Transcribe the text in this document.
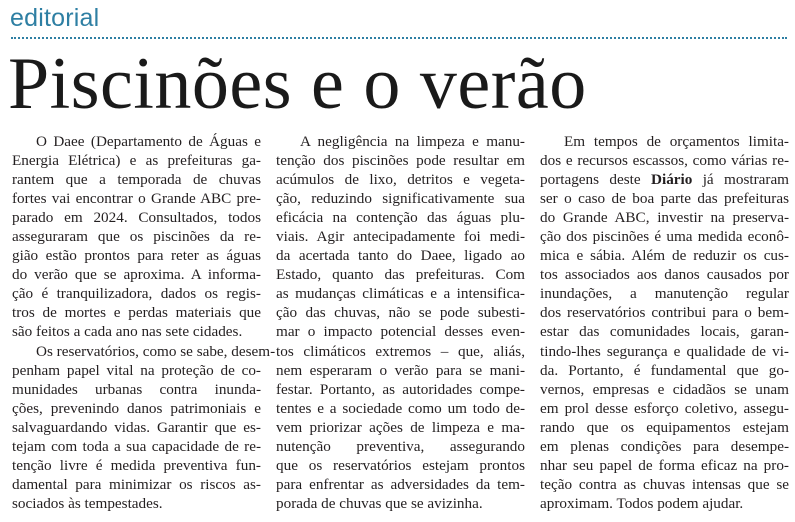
editorial
Piscinões e o verão
O Daee (Departamento de Águas e
Energia Elétrica) e as prefeituras ga-
rantem que a temporada de chuvas
fortes vai encontrar o Grande ABC pre-
parado em 2024. Consultados, todos
asseguraram que os piscinões da re-
gião estão prontos para reter as águas
do verão que se aproxima. A informa-
ção é tranquilizadora, dados os regis-
tros de mortes e perdas materiais que
são feitos a cada ano nas sete cidades.
Os reservatórios, como se sabe, desem-
penham papel vital na proteção de co-
munidades urbanas contra inunda-
ções, prevenindo danos patrimoniais e
salvaguardando vidas. Garantir que es-
tejam com toda a sua capacidade de re-
tenção livre é medida preventiva fun-
damental para minimizar os riscos as-
sociados às tempestades.
A negligência na limpeza e manu-
tenção dos piscinões pode resultar em
acúmulos de lixo, detritos e vegeta-
ção, reduzindo significativamente sua
eficácia na contenção das águas plu-
viais. Agir antecipadamente foi medi-
da acertada tanto do Daee, ligado ao
Estado, quanto das prefeituras. Com
as mudanças climáticas e a intensifica-
ção das chuvas, não se pode subesti-
mar o impacto potencial desses even-
tos climáticos extremos – que, aliás,
nem esperaram o verão para se mani-
festar. Portanto, as autoridades compe-
tentes e a sociedade como um todo de-
vem priorizar ações de limpeza e ma-
nutenção preventiva, assegurando
que os reservatórios estejam prontos
para enfrentar as adversidades da tem-
porada de chuvas que se avizinha.
Em tempos de orçamentos limita-
dos e recursos escassos, como várias re-
portagens deste Diário já mostraram
ser o caso de boa parte das prefeituras
do Grande ABC, investir na preserva-
ção dos piscinões é uma medida econô-
mica e sábia. Além de reduzir os cus-
tos associados aos danos causados por
inundações, a manutenção regular
dos reservatórios contribui para o bem-
estar das comunidades locais, garan-
tindo-lhes segurança e qualidade de vi-
da. Portanto, é fundamental que go-
vernos, empresas e cidadãos se unam
em prol desse esforço coletivo, assegu-
rando que os equipamentos estejam
em plenas condições para desempe-
nhar seu papel de forma eficaz na pro-
teção contra as chuvas intensas que se
aproximam. Todos podem ajudar.
